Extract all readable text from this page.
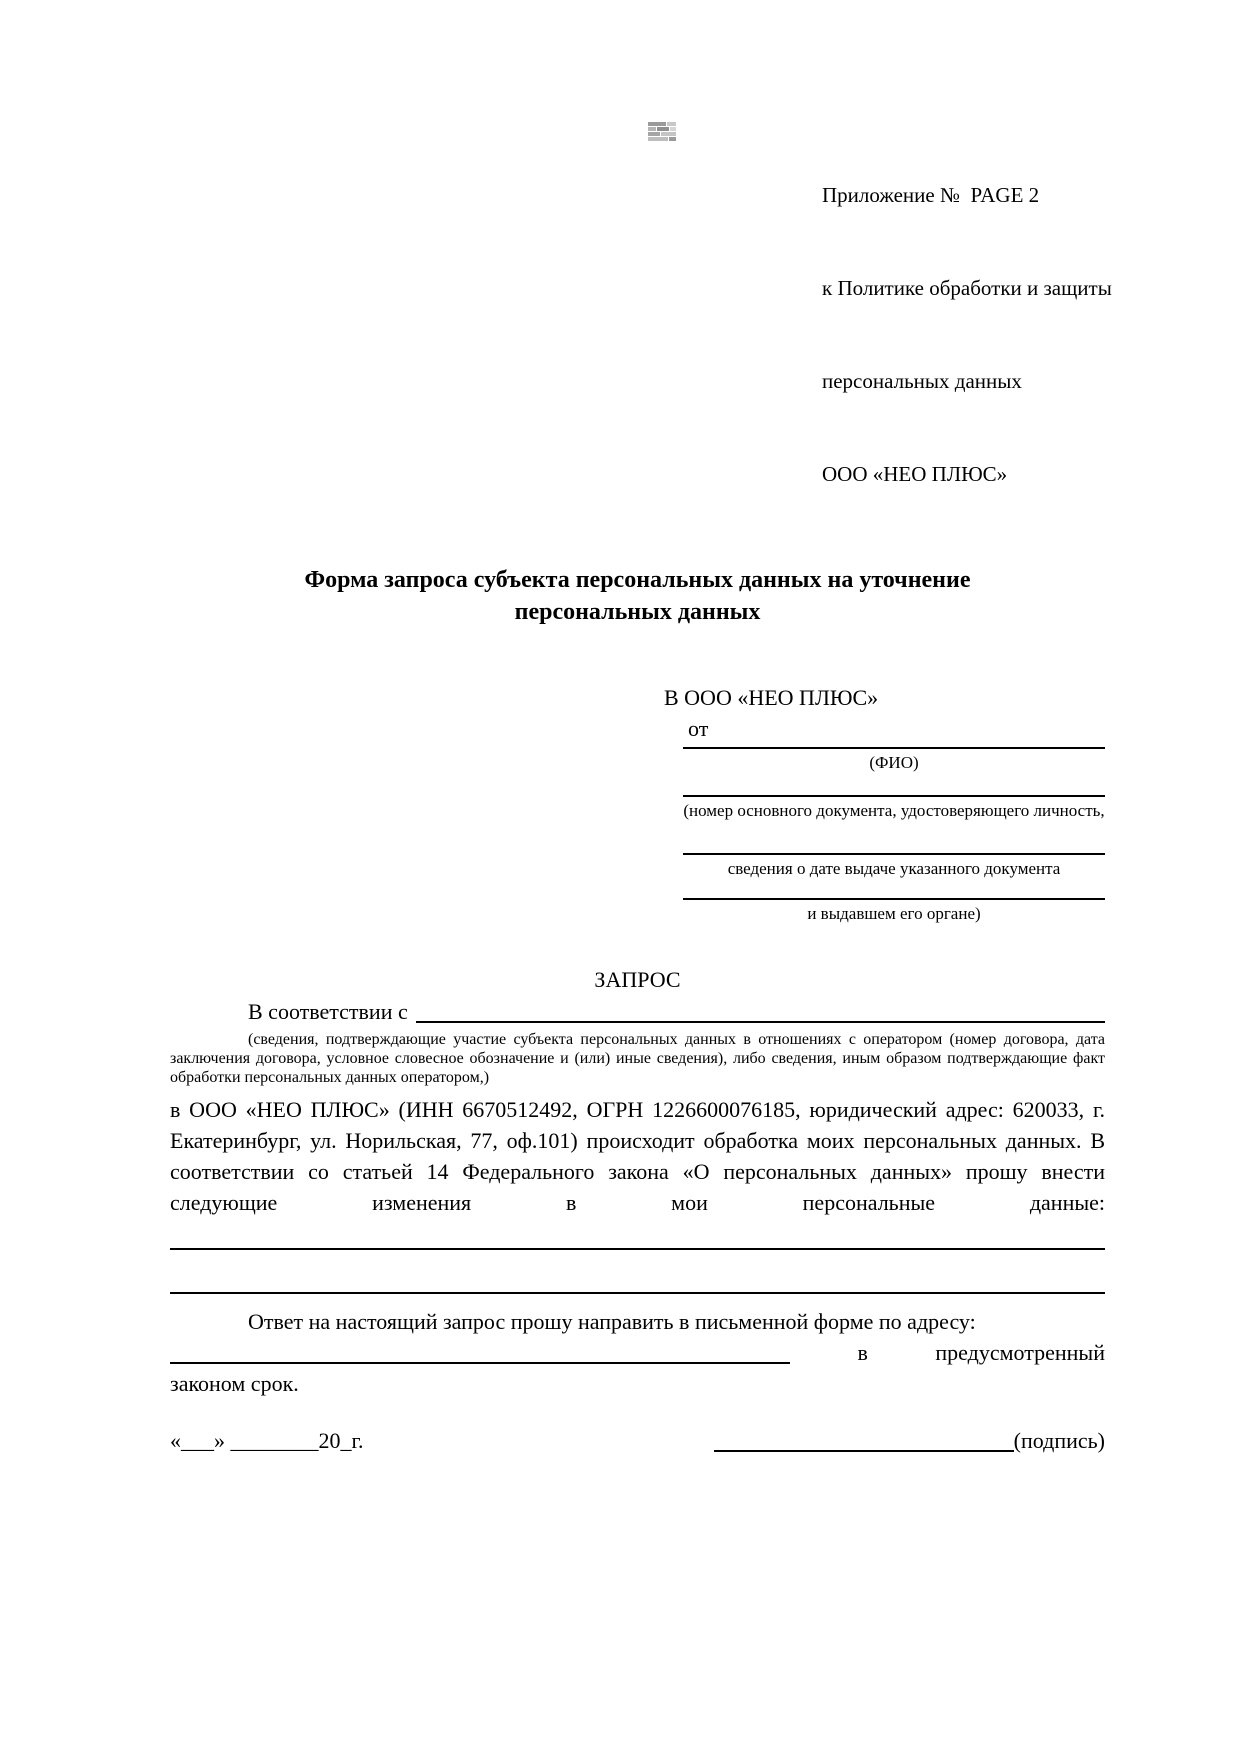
Приложение №  PAGE 2

к Политике обработки и защиты

персональных данных

ООО «НЕО ПЛЮС»

Форма запроса субъекта персональных данных на уточнение
персональных данных
В ООО «НЕО ПЛЮС»
от
(ФИО)
(номер основного документа, удостоверяющего личность,
сведения о дате выдаче указанного документа
и выдавшем его органе)
ЗАПРОС
В соответствии с
(сведения, подтверждающие участие субъекта персональных данных в отношениях с оператором (номер договора, дата заключения договора, условное словесное обозначение и (или) иные сведения), либо сведения, иным образом подтверждающие факт обработки персональных данных оператором,)
в ООО «НЕО ПЛЮС» (ИНН 6670512492, ОГРН 1226600076185, юридический адрес: 620033, г. Екатеринбург, ул. Норильская, 77, оф.101) происходит обработка моих персональных данных. В соответствии со статьей 14 Федерального закона «О персональных данных» прошу внести следующие изменения в мои персональные данные:
Ответ на настоящий запрос прошу направить в письменной форме по адресу:
в	предусмотренный
законом срок.
«___» ________20_г.	(подпись)
